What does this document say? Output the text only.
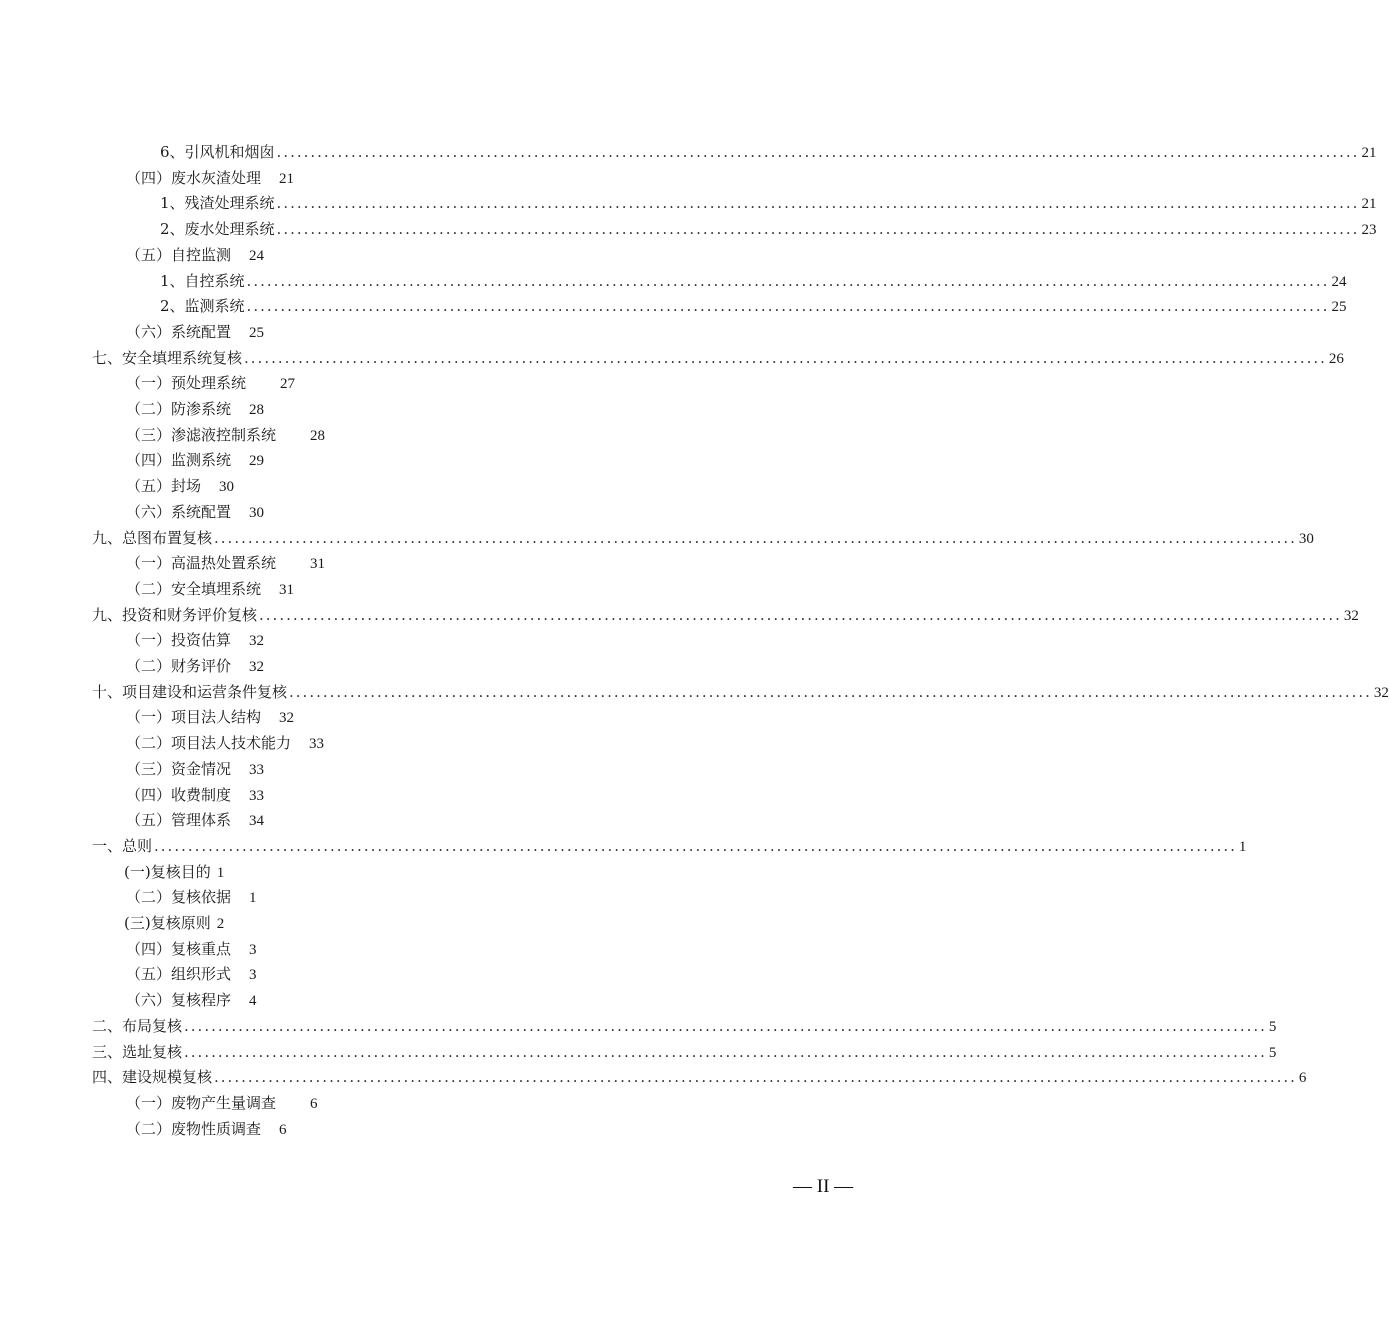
6、引风机和烟囱 ................................................................................................................................................................ 21
（四）废水灰渣处理 21
1、残渣处理系统 ................................................................................................................................................................ 21
2、废水处理系统 ................................................................................................................................................................ 23
（五）自控监测 24
1、自控系统 ................................................................................................................................................................ 24
2、监测系统 ................................................................................................................................................................ 25
（六）系统配置 25
七、安全填埋系统复核 ................................................................................................................................................................ 26
（一）预处理系统 27
（二）防渗系统 28
（三）渗滤液控制系统 28
（四）监测系统 29
（五）封场 30
（六）系统配置 30
九、总图布置复核 ................................................................................................................................................................ 30
（一）高温热处置系统 31
（二）安全填埋系统 31
九、投资和财务评价复核 ................................................................................................................................................................ 32
（一）投资估算 32
（二）财务评价 32
十、项目建设和运营条件复核 ................................................................................................................................................................ 32
（一）项目法人结构 32
（二）项目法人技术能力 33
（三）资金情况 33
（四）收费制度 33
（五）管理体系 34
一、总则 ................................................................................................................................................................ 1
(一)复核目的 1
（二）复核依据 1
(三)复核原则 2
（四）复核重点 3
（五）组织形式 3
（六）复核程序 4
二、布局复核 ................................................................................................................................................................ 5
三、选址复核 ................................................................................................................................................................ 5
四、建设规模复核 ................................................................................................................................................................ 6
（一）废物产生量调查 6
（二）废物性质调查 6
— II —
